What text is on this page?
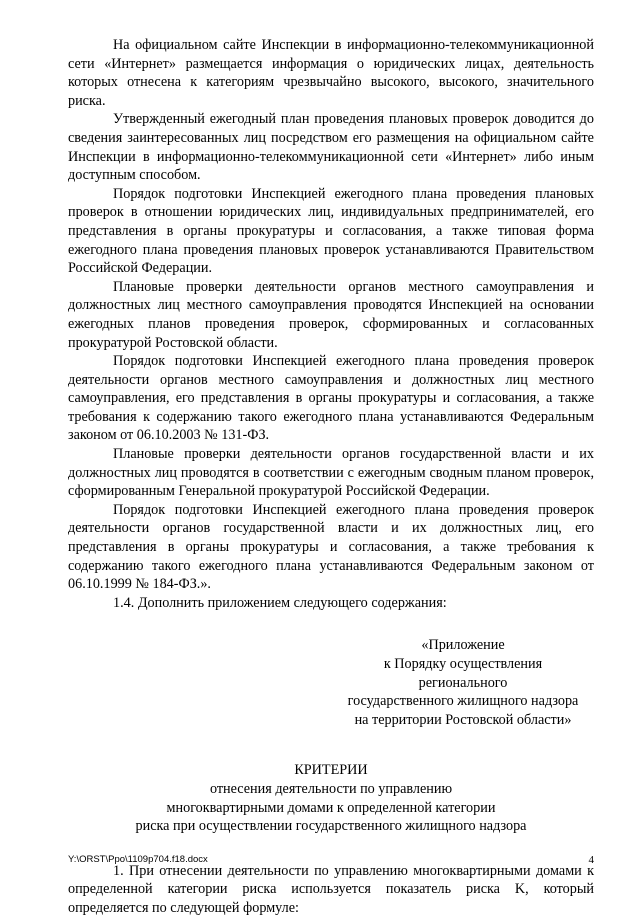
На официальном сайте Инспекции в информационно-телекоммуникационной сети «Интернет» размещается информация о юридических лицах, деятельность которых отнесена к категориям чрезвычайно высокого, высокого, значительного риска.

Утвержденный ежегодный план проведения плановых проверок доводится до сведения заинтересованных лиц посредством его размещения на официальном сайте Инспекции в информационно-телекоммуникационной сети «Интернет» либо иным доступным способом.

Порядок подготовки Инспекцией ежегодного плана проведения плановых проверок в отношении юридических лиц, индивидуальных предпринимателей, его представления в органы прокуратуры и согласования, а также типовая форма ежегодного плана проведения плановых проверок устанавливаются Правительством Российской Федерации.

Плановые проверки деятельности органов местного самоуправления и должностных лиц местного самоуправления проводятся Инспекцией на основании ежегодных планов проведения проверок, сформированных и согласованных прокуратурой Ростовской области.

Порядок подготовки Инспекцией ежегодного плана проведения проверок деятельности органов местного самоуправления и должностных лиц местного самоуправления, его представления в органы прокуратуры и согласования, а также требования к содержанию такого ежегодного плана устанавливаются Федеральным законом от 06.10.2003 № 131-ФЗ.

Плановые проверки деятельности органов государственной власти и их должностных лиц проводятся в соответствии с ежегодным сводным планом проверок, сформированным Генеральной прокуратурой Российской Федерации.

Порядок подготовки Инспекцией ежегодного плана проведения проверок деятельности органов государственной власти и их должностных лиц, его представления в органы прокуратуры и согласования, а также требования к содержанию такого ежегодного плана устанавливаются Федеральным законом от 06.10.1999 № 184-ФЗ.».

1.4. Дополнить приложением следующего содержания:

«Приложение
к Порядку осуществления
регионального
государственного жилищного надзора
на территории Ростовской области»
КРИТЕРИИ
отнесения деятельности по управлению
многоквартирными домами к определенной категории
риска при осуществлении государственного жилищного надзора

1. При отнесении деятельности по управлению многоквартирными домами к определенной категории риска используется показатель риска K, который определяется по следующей формуле:

Y:\ORST\Ppo\1109p704.f18.docx	4
